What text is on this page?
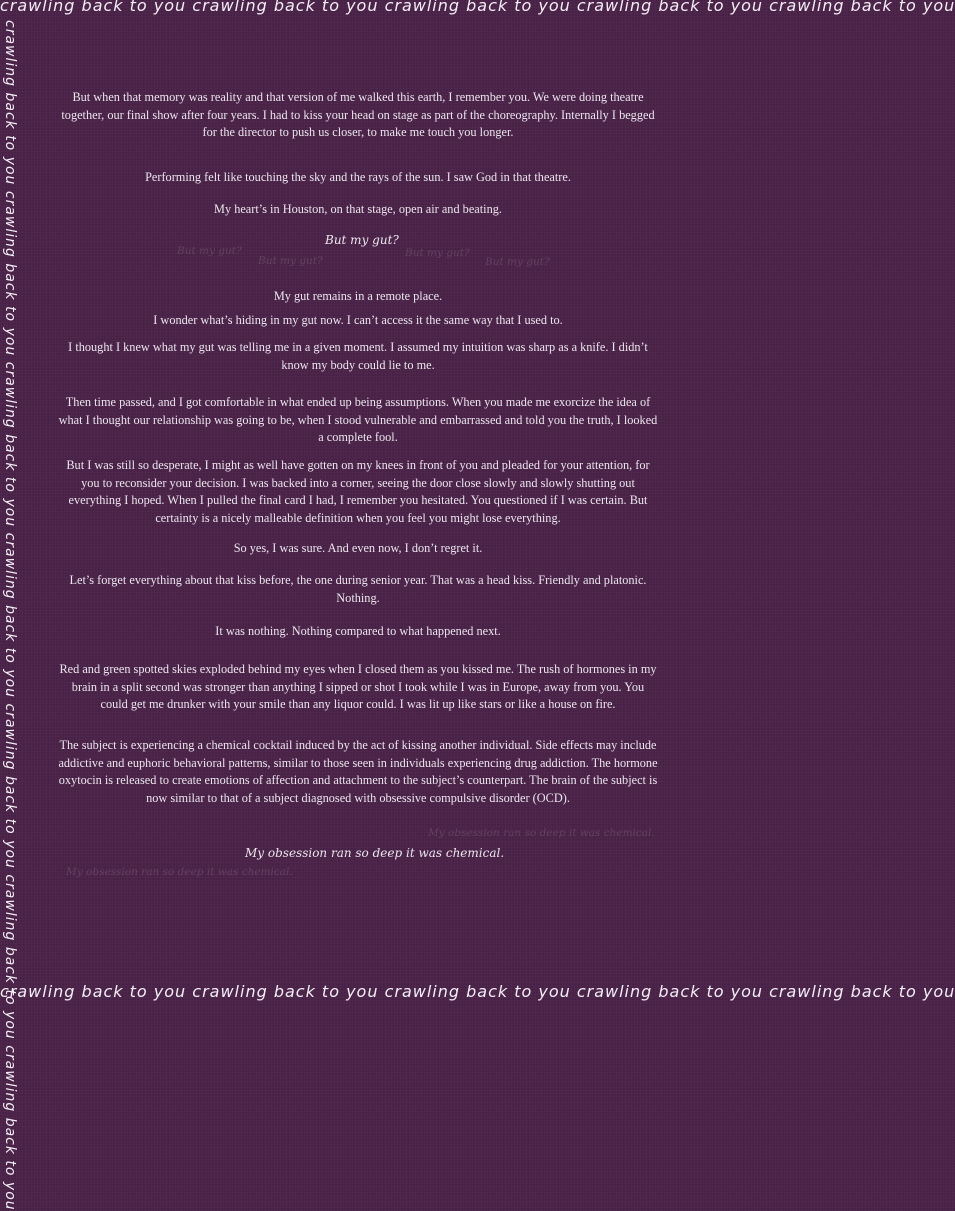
crawling back to you crawling back to you crawling back to you crawling back to you crawling back to you
crawling back to you crawling back to you crawling back to you crawling back to you crawling back to you
crawling back to you crawling back to you crawling back to you crawling back to you crawling back to you crawling back to you crawling back to you	But when that memory was reality and that version of me walked this earth, I remember you. We were doing theatre together, our final show after four years. I had to kiss your head on stage as part of the choreography. Internally I begged for the director to push us closer, to make me touch you longer.

Performing felt like touching the sky and the rays of the sun. I saw God in that theatre.

My heart’s in Houston, on that stage, open air and beating.

But my gut?
But my gut?
But my gut?
But my gut?
But my gut?

My gut remains in a remote place.

I wonder what’s hiding in my gut now. I can’t access it the same way that I used to.

I thought I knew what my gut was telling me in a given moment. I assumed my intuition was sharp as a knife. I didn’t know my body could lie to me.

Then time passed, and I got comfortable in what ended up being assumptions. When you made me exorcize the idea of what I thought our relationship was going to be, when I stood vulnerable and embarrassed and told you the truth, I looked a complete fool.

But I was still so desperate, I might as well have gotten on my knees in front of you and pleaded for your attention, for you to reconsider your decision. I was backed into a corner, seeing the door close slowly and slowly shutting out everything I hoped. When I pulled the final card I had, I remember you hesitated. You questioned if I was certain. But certainty is a nicely malleable definition when you feel you might lose everything.

So yes, I was sure. And even now, I don’t regret it.

Let’s forget everything about that kiss before, the one during senior year. That was a head kiss. Friendly and platonic. Nothing.

It was nothing. Nothing compared to what happened next.

Red and green spotted skies exploded behind my eyes when I closed them as you kissed me. The rush of hormones in my brain in a split second was stronger than anything I sipped or shot I took while I was in Europe, away from you. You could get me drunker with your smile than any liquor could. I was lit up like stars or like a house on fire.

The subject is experiencing a chemical cocktail induced by the act of kissing another individual. Side effects may include addictive and euphoric behavioral patterns, similar to those seen in individuals experiencing drug addiction. The hormone oxytocin is released to create emotions of affection and attachment to the subject’s counterpart. The brain of the subject is now similar to that of a subject diagnosed with obsessive compulsive disorder (OCD).

My obsession ran so deep it was chemical.
My obsession ran so deep it was chemical.
My obsession ran so deep it was chemical.
